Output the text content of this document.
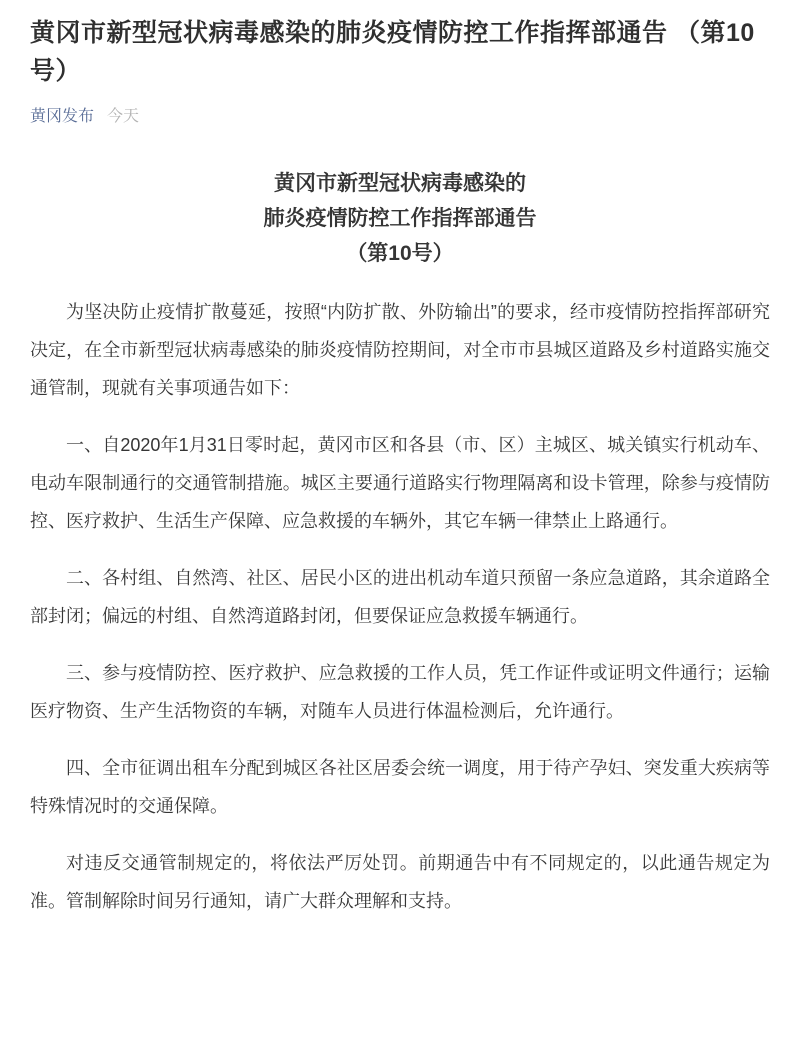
黄冈市新型冠状病毒感染的肺炎疫情防控工作指挥部通告 （第10号）
黄冈发布 今天
黄冈市新型冠状病毒感染的
肺炎疫情防控工作指挥部通告
（第10号）

为坚决防止疫情扩散蔓延，按照“内防扩散、外防输出”的要求，经市疫情防控指挥部研究决定，在全市新型冠状病毒感染的肺炎疫情防控期间，对全市市县城区道路及乡村道路实施交通管制，现就有关事项通告如下：

一、自2020年1月31日零时起，黄冈市区和各县（市、区）主城区、城关镇实行机动车、电动车限制通行的交通管制措施。城区主要通行道路实行物理隔离和设卡管理，除参与疫情防控、医疗救护、生活生产保障、应急救援的车辆外，其它车辆一律禁止上路通行。

二、各村组、自然湾、社区、居民小区的进出机动车道只预留一条应急道路，其余道路全部封闭；偏远的村组、自然湾道路封闭，但要保证应急救援车辆通行。

三、参与疫情防控、医疗救护、应急救援的工作人员，凭工作证件或证明文件通行；运输医疗物资、生产生活物资的车辆，对随车人员进行体温检测后，允许通行。

四、全市征调出租车分配到城区各社区居委会统一调度，用于待产孕妇、突发重大疾病等特殊情况时的交通保障。

对违反交通管制规定的，将依法严厉处罚。前期通告中有不同规定的，以此通告规定为准。管制解除时间另行通知，请广大群众理解和支持。
